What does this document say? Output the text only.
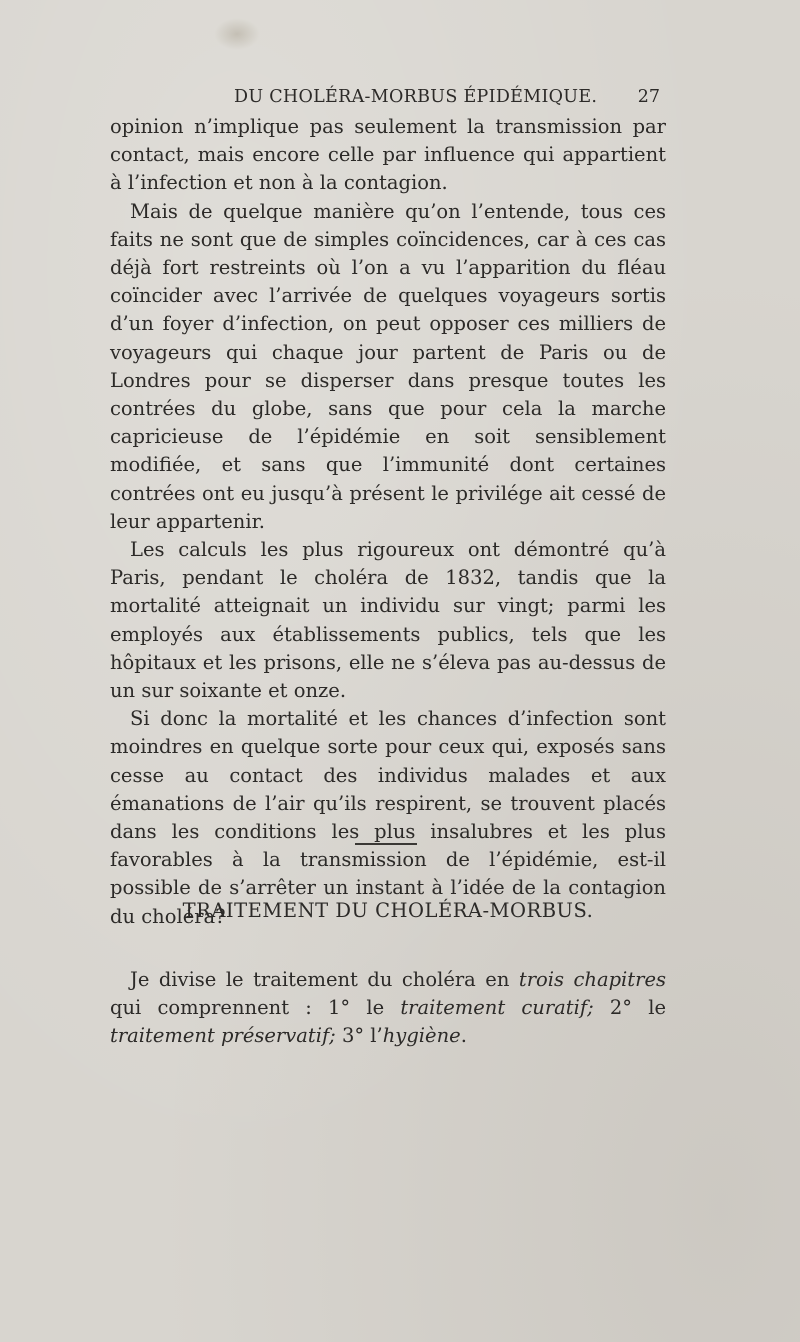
DU CHOLÉRA-MORBUS ÉPIDÉMIQUE. 27

opinion n’implique pas seulement la transmission par contact, mais encore celle par influence qui appartient à l’infection et non à la contagion.

Mais de quelque manière qu’on l’entende, tous ces faits ne sont que de simples coïncidences, car à ces cas déjà fort restreints où l’on a vu l’apparition du fléau coïncider avec l’arrivée de quelques voyageurs sortis d’un foyer d’infection, on peut opposer ces milliers de voyageurs qui chaque jour partent de Paris ou de Londres pour se disperser dans presque toutes les contrées du globe, sans que pour cela la marche capricieuse de l’épidémie en soit sensiblement modifiée, et sans que l’immunité dont certaines contrées ont eu jusqu’à présent le privilége ait cessé de leur appartenir.

Les calculs les plus rigoureux ont démontré qu’à Paris, pendant le choléra de 1832, tandis que la mortalité atteignait un individu sur vingt; parmi les employés aux établissements publics, tels que les hôpitaux et les prisons, elle ne s’éleva pas au-dessus de un sur soixante et onze.

Si donc la mortalité et les chances d’infection sont moindres en quelque sorte pour ceux qui, exposés sans cesse au contact des individus malades et aux émanations de l’air qu’ils respirent, se trouvent placés dans les conditions les plus insalubres et les plus favorables à la transmission de l’épidémie, est-il possible de s’arrêter un instant à l’idée de la contagion du choléra?

TRAITEMENT DU CHOLÉRA-MORBUS.

Je divise le traitement du choléra en trois chapitres qui comprennent : 1° le traitement curatif; 2° le traitement préservatif; 3° l’hygiène.
